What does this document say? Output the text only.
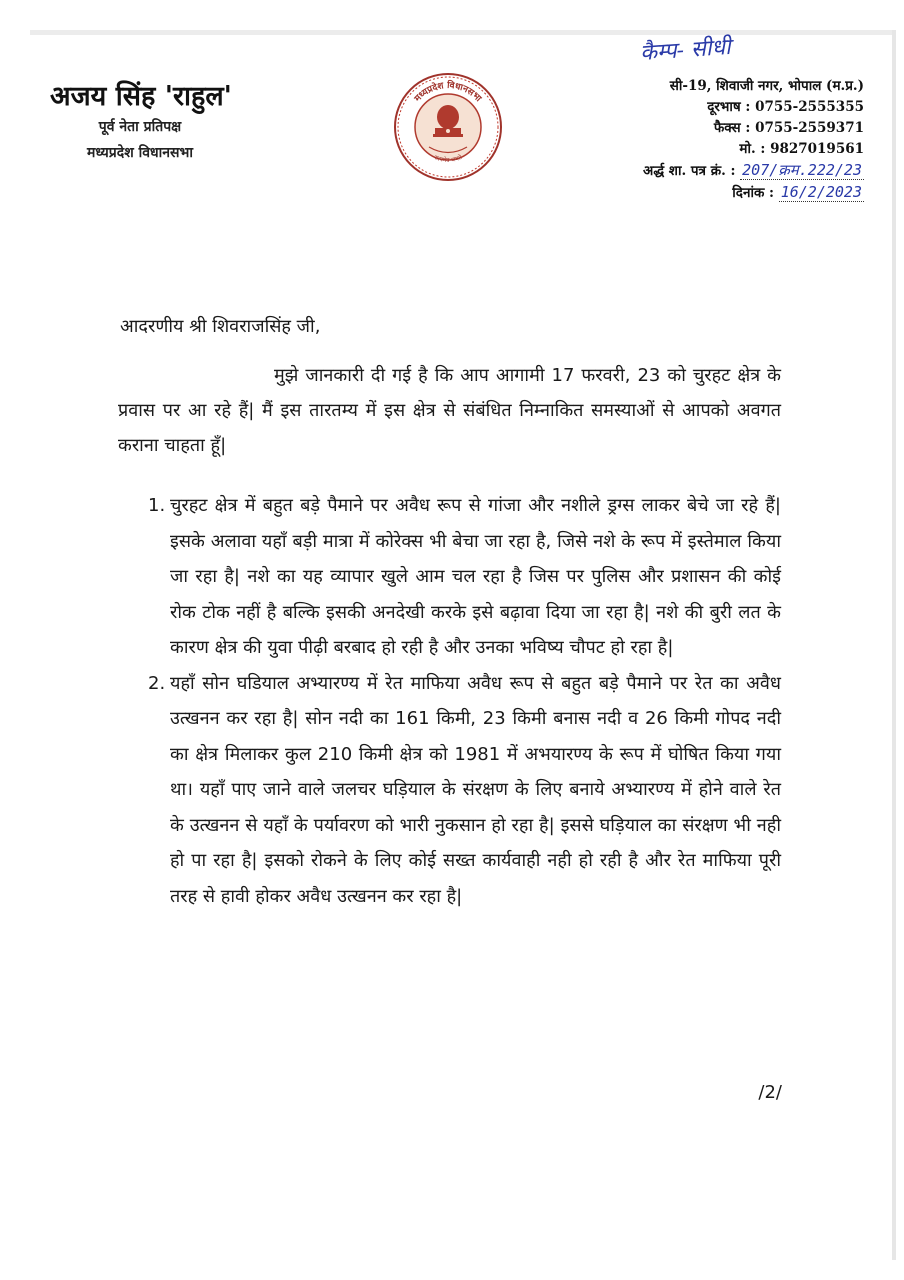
अजय सिंह 'राहुल'
पूर्व नेता प्रतिपक्ष
मध्यप्रदेश विधानसभा
मध्यप्रदेश विधानसभा
सत्यमेव जयते
कैम्प- सीधी
सी-19, शिवाजी नगर, भोपाल (म.प्र.)
दूरभाष : 0755-2555355
फैक्स : 0755-2559371
मो. : 9827019561
अर्द्ध शा. पत्र क्रं. : 207/क्रम.222/23
दिनांक : 16/2/2023
आदरणीय श्री शिवराजसिंह जी,

मुझे जानकारी दी गई है कि आप आगामी 17 फरवरी, 23 को चुरहट क्षेत्र के प्रवास पर आ रहे हैं| मैं इस तारतम्य में इस क्षेत्र से संबंधित निम्नाकित समस्याओं से आपको अवगत कराना चाहता हूँ|

1. चुरहट क्षेत्र में बहुत बड़े पैमाने पर अवैध रूप से गांजा और नशीले ड्रग्स लाकर बेचे जा रहे हैं| इसके अलावा यहाँ बड़ी मात्रा में कोरेक्स भी बेचा जा रहा है, जिसे नशे के रूप में इस्तेमाल किया जा रहा है| नशे का यह व्यापार खुले आम चल रहा है जिस पर पुलिस और प्रशासन की कोई रोक टोक नहीं है बल्कि इसकी अनदेखी करके इसे बढ़ावा दिया जा रहा है| नशे की बुरी लत के कारण क्षेत्र की युवा पीढ़ी बरबाद हो रही है और उनका भविष्य चौपट हो रहा है|
2. यहाँ सोन घडियाल अभ्यारण्य में रेत माफिया अवैध रूप से बहुत बड़े पैमाने पर रेत का अवैध उत्खनन कर रहा है| सोन नदी का 161 किमी, 23 किमी बनास नदी व 26 किमी गोपद नदी का क्षेत्र मिलाकर कुल 210 किमी क्षेत्र को 1981 में अभयारण्य के रूप में घोषित किया गया था। यहाँ पाए जाने वाले जलचर घड़ियाल के संरक्षण के लिए बनाये अभ्यारण्य में होने वाले रेत के उत्खनन से यहाँ के पर्यावरण को भारी नुकसान हो रहा है| इससे घड़ियाल का संरक्षण भी नही हो पा रहा है| इसको रोकने के लिए कोई सख्त कार्यवाही नही हो रही है और रेत माफिया पूरी तरह से हावी होकर अवैध उत्खनन कर रहा है|
/2/
